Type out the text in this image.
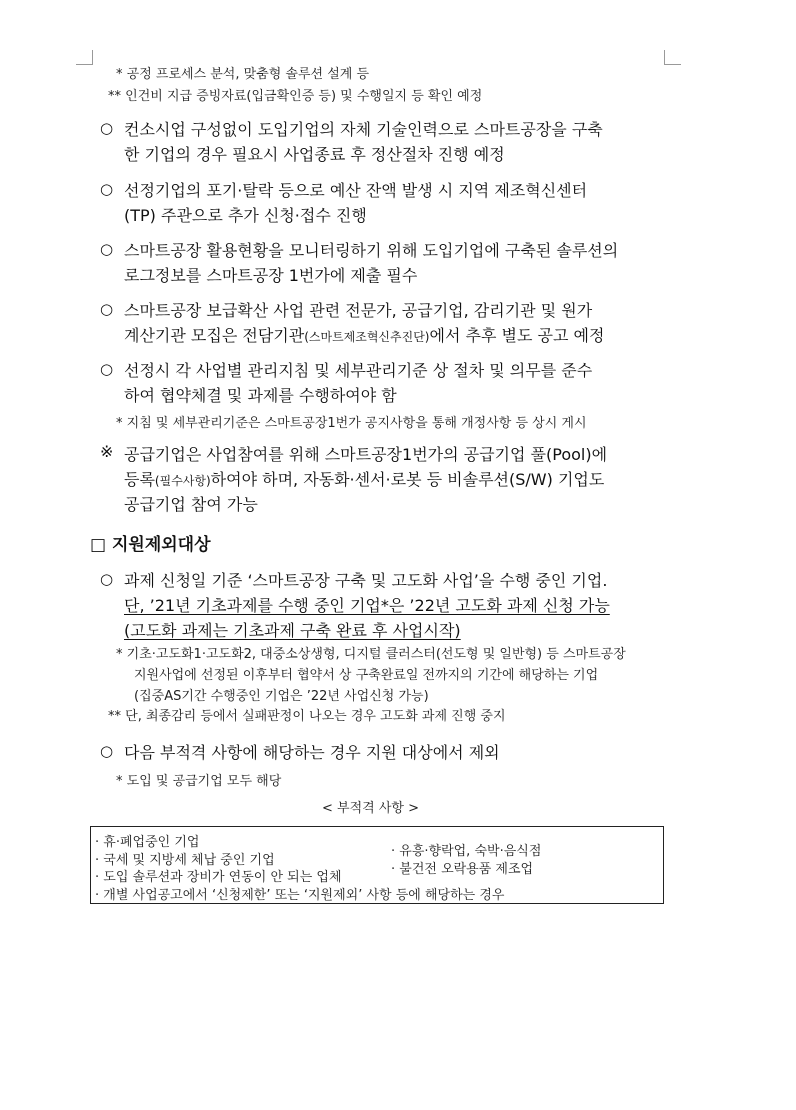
* 공정 프로세스 분석, 맞춤형 솔루션 설계 등
** 인건비 지급 증빙자료(입금확인증 등) 및 수행일지 등 확인 예정
○ 컨소시업 구성없이 도입기업의 자체 기술인력으로 스마트공장을 구축
한 기업의 경우 필요시 사업종료 후 정산절차 진행 예정
○ 선정기업의 포기·탈락 등으로 예산 잔액 발생 시 지역 제조혁신센터
(TP) 주관으로 추가 신청·접수 진행
○ 스마트공장 활용현황을 모니터링하기 위해 도입기업에 구축된 솔루션의
로그정보를 스마트공장 1번가에 제출 필수
○ 스마트공장 보급확산 사업 관련 전문가, 공급기업, 감리기관 및 원가
계산기관 모집은 전담기관(스마트제조혁신추진단)에서 추후 별도 공고 예정
○ 선정시 각 사업별 관리지침 및 세부관리기준 상 절차 및 의무를 준수
하여 협약체결 및 과제를 수행하여야 함
* 지침 및 세부관리기준은 스마트공장1번가 공지사항을 통해 개정사항 등 상시 게시
※ 공급기업은 사업참여를 위해 스마트공장1번가의 공급기업 풀(Pool)에
등록(필수사항)하여야 하며, 자동화·센서·로봇 등 비솔루션(S/W) 기업도
공급기업 참여 가능
□ 지원제외대상
○ 과제 신청일 기준 ‘스마트공장 구축 및 고도화 사업’을 수행 중인 기업.
단, ’21년 기초과제를 수행 중인 기업*은 ’22년 고도화 과제 신청 가능
(고도화 과제는 기초과제 구축 완료 후 사업시작)
* 기초·고도화1·고도화2, 대중소상생형, 디지털 클러스터(선도형 및 일반형) 등 스마트공장
지원사업에 선정된 이후부터 협약서 상 구축완료일 전까지의 기간에 해당하는 기업
(집중AS기간 수행중인 기업은 ’22년 사업신청 가능)
** 단, 최종감리 등에서 실패판정이 나오는 경우 고도화 과제 진행 중지
○ 다음 부적격 사항에 해당하는 경우 지원 대상에서 제외
* 도입 및 공급기업 모두 해당
< 부적격 사항 >
· 휴·폐업중인 기업
· 국세 및 지방세 체납 중인 기업
· 도입 솔루션과 장비가 연동이 안 되는 업체
· 유흥·향락업, 숙박·음식점
· 불건전 오락용품 제조업
· 개별 사업공고에서 ‘신청제한’ 또는 ‘지원제외’ 사항 등에 해당하는 경우
